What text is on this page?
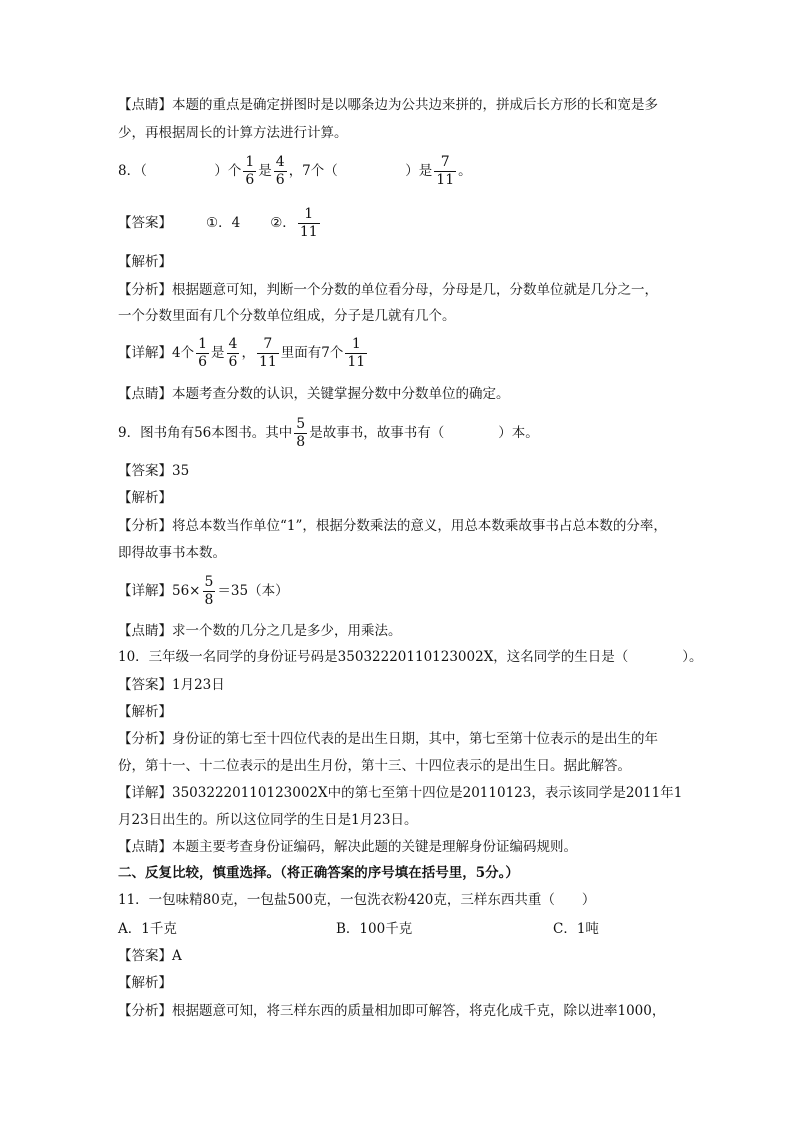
【点睛】本题的重点是确定拼图时是以哪条边为公共边来拼的，拼成后长方形的长和宽是多
少，再根据周长的计算方法进行计算。
8．（　　　　　）个 $\frac{1}{6}$ 是 $\frac{4}{6}$ ，7个（　　　　　）是 $\frac{7}{11}$ 。
【答案】	①．4 ②． $\frac{1}{11}$
【解析】
【分析】根据题意可知，判断一个分数的单位看分母，分母是几，分数单位就是几分之一，
一个分数里面有几个分数单位组成，分子是几就有几个。
【详解】4个 $\frac{1}{6}$ 是 $\frac{4}{6}$ ， $\frac{7}{11}$ 里面有7个 $\frac{1}{11}$
【点睛】本题考查分数的认识，关键掌握分数中分数单位的确定。
9．图书角有56本图书。其中 $\frac{5}{8}$ 是故事书，故事书有（　　　　）本。
【答案】35
【解析】
【分析】将总本数当作单位“1”，根据分数乘法的意义，用总本数乘故事书占总本数的分率，
即得故事书本数。
【详解】$56\times \frac{5}{8} =35$（本）
【点睛】求一个数的几分之几是多少，用乘法。
10．三年级一名同学的身份证号码是35032220110123002X，这名同学的生日是（　　　　）。
【答案】1月23日
【解析】
【分析】身份证的第七至十四位代表的是出生日期，其中，第七至第十位表示的是出生的年
份，第十一、十二位表示的是出生月份，第十三、十四位表示的是出生日。据此解答。
【详解】35032220110123002X中的第七至第十四位是20110123，表示该同学是2011年1
月23日出生的。所以这位同学的生日是1月23日。
【点睛】本题主要考查身份证编码，解决此题的关键是理解身份证编码规则。
二、反复比较，慎重选择。（将正确答案的序号填在括号里，5分。）
11．一包味精80克，一包盐500克，一包洗衣粉420克，三样东西共重（　　）
A．1千克	B．100千克	C．1吨
【答案】A
【解析】
【分析】根据题意可知，将三样东西的质量相加即可解答，将克化成千克，除以进率1000，
